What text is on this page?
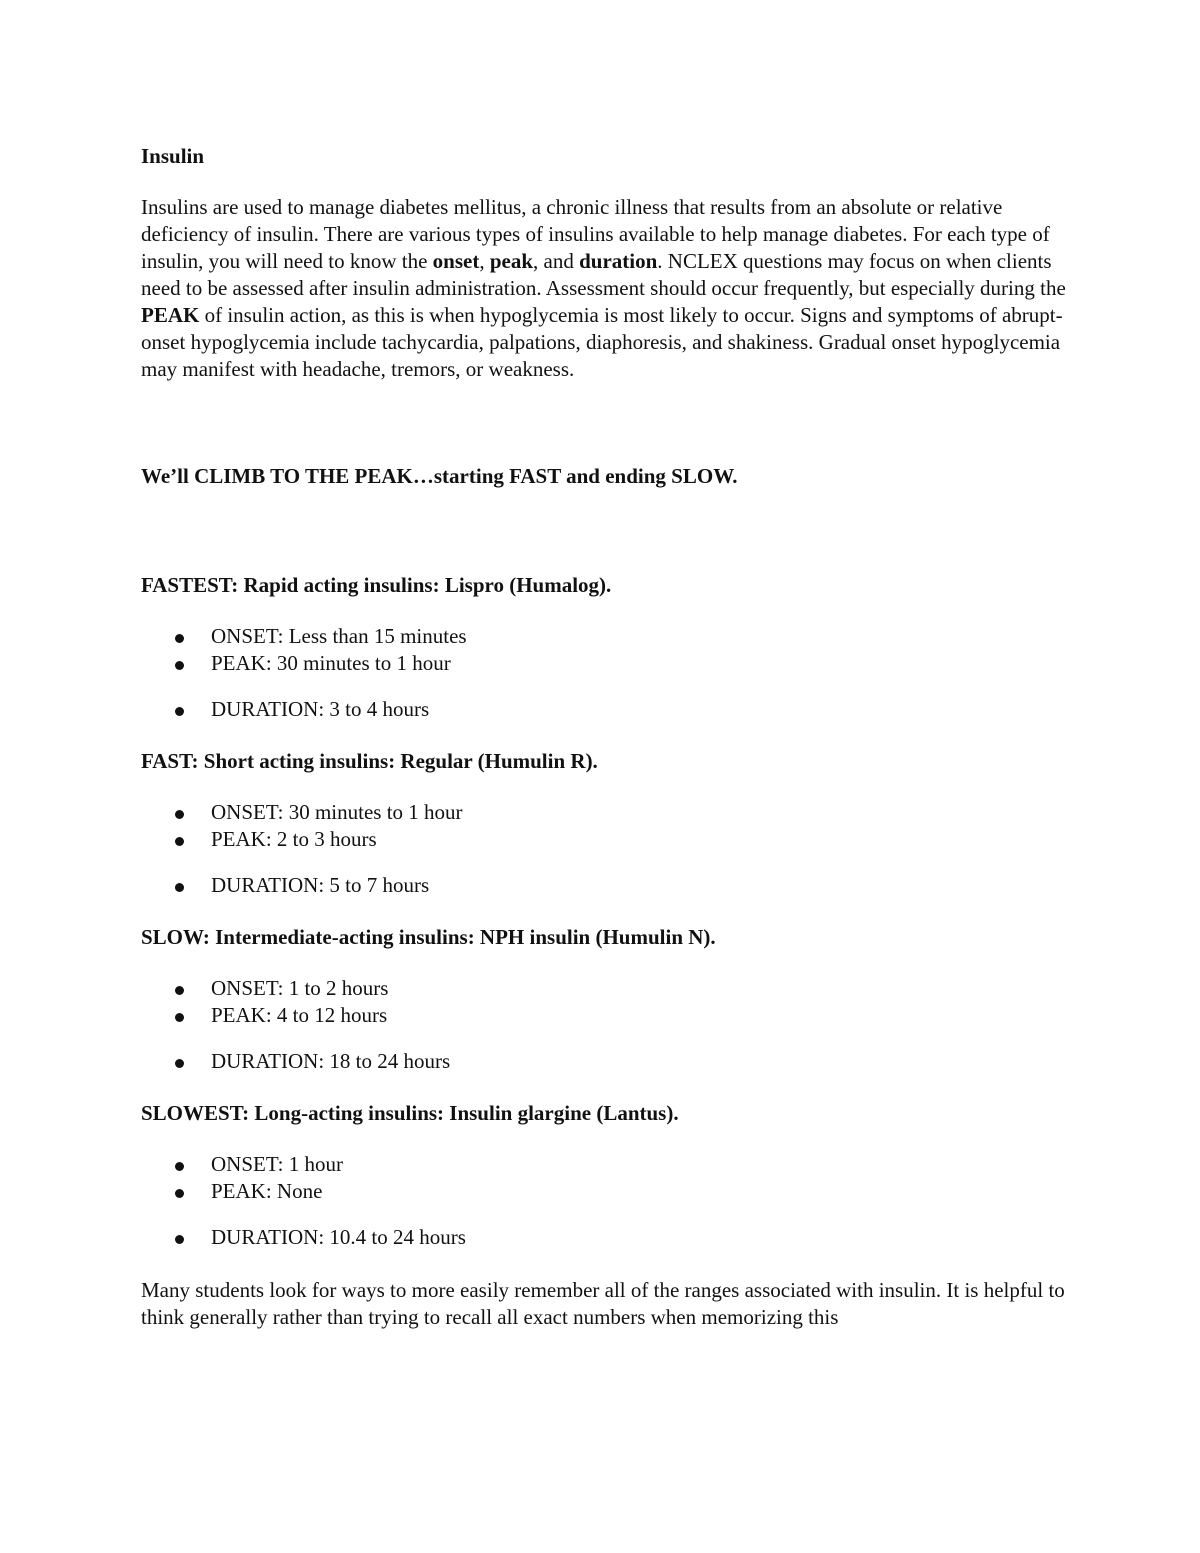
Insulin

Insulins are used to manage diabetes mellitus, a chronic illness that results from an absolute or relative deficiency of insulin. There are various types of insulins available to help manage diabetes. For each type of insulin, you will need to know the onset, peak, and duration. NCLEX questions may focus on when clients need to be assessed after insulin administration. Assessment should occur frequently, but especially during the PEAK of insulin action, as this is when hypoglycemia is most likely to occur. Signs and symptoms of abrupt-onset hypoglycemia include tachycardia, palpations, diaphoresis, and shakiness. Gradual onset hypoglycemia may manifest with headache, tremors, or weakness.

We’ll CLIMB TO THE PEAK…starting FAST and ending SLOW.

FASTEST: Rapid acting insulins: Lispro (Humalog).

ONSET: Less than 15 minutes
PEAK: 30 minutes to 1 hour
DURATION: 3 to 4 hours

FAST: Short acting insulins: Regular (Humulin R).

ONSET: 30 minutes to 1 hour
PEAK: 2 to 3 hours
DURATION: 5 to 7 hours

SLOW: Intermediate-acting insulins: NPH insulin (Humulin N).

ONSET: 1 to 2 hours
PEAK: 4 to 12 hours
DURATION: 18 to 24 hours

SLOWEST: Long-acting insulins: Insulin glargine (Lantus).

ONSET: 1 hour
PEAK: None
DURATION: 10.4 to 24 hours

Many students look for ways to more easily remember all of the ranges associated with insulin. It is helpful to think generally rather than trying to recall all exact numbers when memorizing this
